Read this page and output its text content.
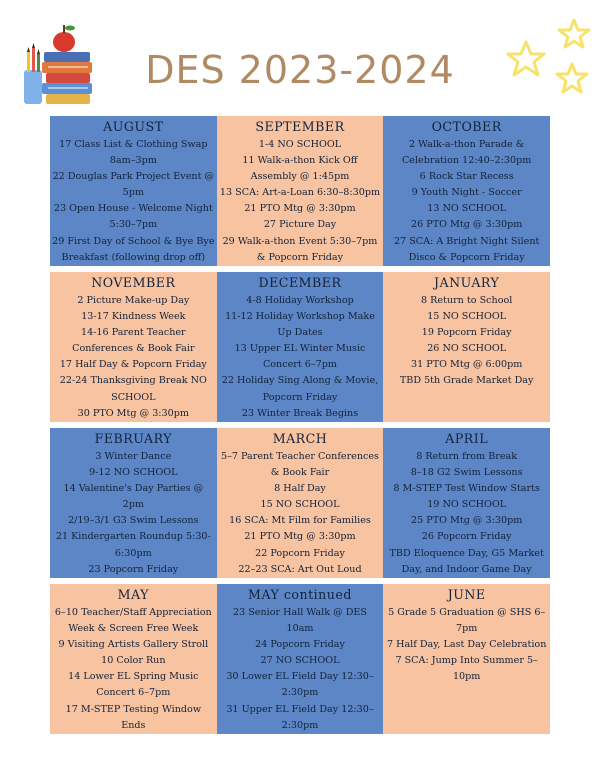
DES 2023-2024
AUGUST
17 Class List & Clothing Swap 8am–3pm
22 Douglas Park Project Event @ 5pm
23 Open House - Welcome Night 5:30–7pm
29 First Day of School & Bye Bye Breakfast (following drop off)
SEPTEMBER
1-4 NO SCHOOL
11 Walk-a-thon Kick Off Assembly @ 1:45pm
13 SCA: Art-a-Loan 6:30–8:30pm
21 PTO Mtg @ 3:30pm
27 Picture Day
29 Walk-a-thon Event 5:30–7pm & Popcorn Friday
OCTOBER
2 Walk-a-thon Parade & Celebration 12:40–2:30pm
6 Rock Star Recess
9 Youth Night - Soccer
13 NO SCHOOL
26 PTO Mtg @ 3:30pm
27 SCA: A Bright Night Silent Disco & Popcorn Friday
NOVEMBER
2 Picture Make-up Day
13-17 Kindness Week
14-16 Parent Teacher Conferences & Book Fair
17 Half Day & Popcorn Friday
22-24 Thanksgiving Break NO SCHOOL
30 PTO Mtg @ 3:30pm
DECEMBER
4-8 Holiday Workshop
11-12 Holiday Workshop Make Up Dates
13 Upper EL Winter Music Concert 6–7pm
22 Holiday Sing Along & Movie, Popcorn Friday
23 Winter Break Begins
JANUARY
8 Return to School
15 NO SCHOOL
19 Popcorn Friday
26 NO SCHOOL
31 PTO Mtg @ 6:00pm
TBD 5th Grade Market Day
FEBRUARY
3 Winter Dance
9-12 NO SCHOOL
14 Valentine's Day Parties @ 2pm
2/19–3/1 G3 Swim Lessons
21 Kindergarten Roundup 5:30-6:30pm
23 Popcorn Friday
MARCH
5–7 Parent Teacher Conferences & Book Fair
8 Half Day
15 NO SCHOOL
16 SCA: Mt Film for Families
21 PTO Mtg @ 3:30pm
22 Popcorn Friday
22–23 SCA: Art Out Loud
APRIL
8 Return from Break
8–18 G2 Swim Lessons
8 M-STEP Test Window Starts
19 NO SCHOOL
25 PTO Mtg @ 3:30pm
26 Popcorn Friday
TBD Eloquence Day, G5 Market Day, and Indoor Game Day
MAY
6–10 Teacher/Staff Appreciation Week & Screen Free Week
9 Visiting Artists Gallery Stroll
10 Color Run
14 Lower EL Spring Music Concert 6–7pm
17 M-STEP Testing Window Ends
MAY continued
23 Senior Hall Walk @ DES 10am
24 Popcorn Friday
27 NO SCHOOL
30 Lower EL Field Day 12:30–2:30pm
31 Upper EL Field Day 12:30–2:30pm
JUNE
5 Grade 5 Graduation @ SHS 6–7pm
7 Half Day, Last Day Celebration
7 SCA: Jump Into Summer 5–10pm
